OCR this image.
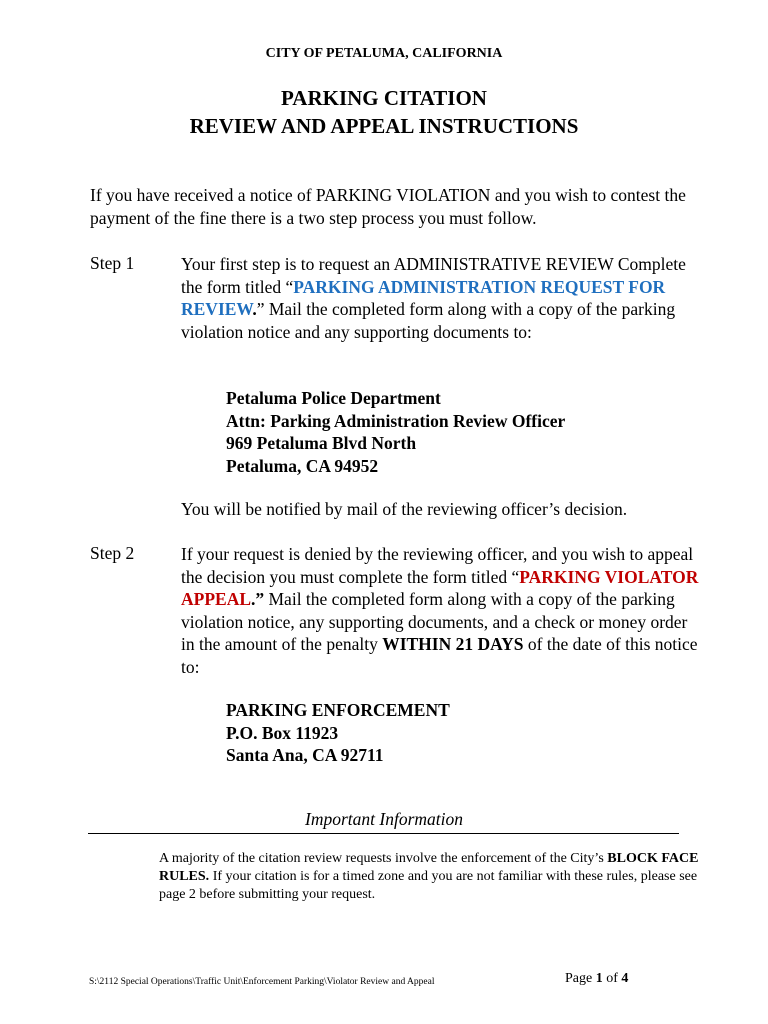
CITY OF PETALUMA, CALIFORNIA
PARKING CITATION
REVIEW AND APPEAL INSTRUCTIONS
If you have received a notice of PARKING VIOLATION and you wish to contest the payment of the fine there is a two step process you must follow.
Step 1	Your first step is to request an ADMINISTRATIVE REVIEW Complete the form titled “PARKING ADMINISTRATION REQUEST FOR REVIEW.” Mail the completed form along with a copy of the parking violation notice and any supporting documents to:
Petaluma Police Department
Attn: Parking Administration Review Officer
969 Petaluma Blvd North
Petaluma, CA 94952
You will be notified by mail of the reviewing officer’s decision.
Step 2	If your request is denied by the reviewing officer, and you wish to appeal the decision you must complete the form titled “PARKING VIOLATOR APPEAL.” Mail the completed form along with a copy of the parking violation notice, any supporting documents, and a check or money order in the amount of the penalty WITHIN 21 DAYS of the date of this notice to:
PARKING ENFORCEMENT
P.O. Box 11923
Santa Ana, CA 92711
Important Information
A majority of the citation review requests involve the enforcement of the City’s BLOCK FACE RULES. If your citation is for a timed zone and you are not familiar with these rules, please see page 2 before submitting your request.
S:\2112 Special Operations\Traffic Unit\Enforcement Parking\Violator Review and Appeal	Page 1 of 4
